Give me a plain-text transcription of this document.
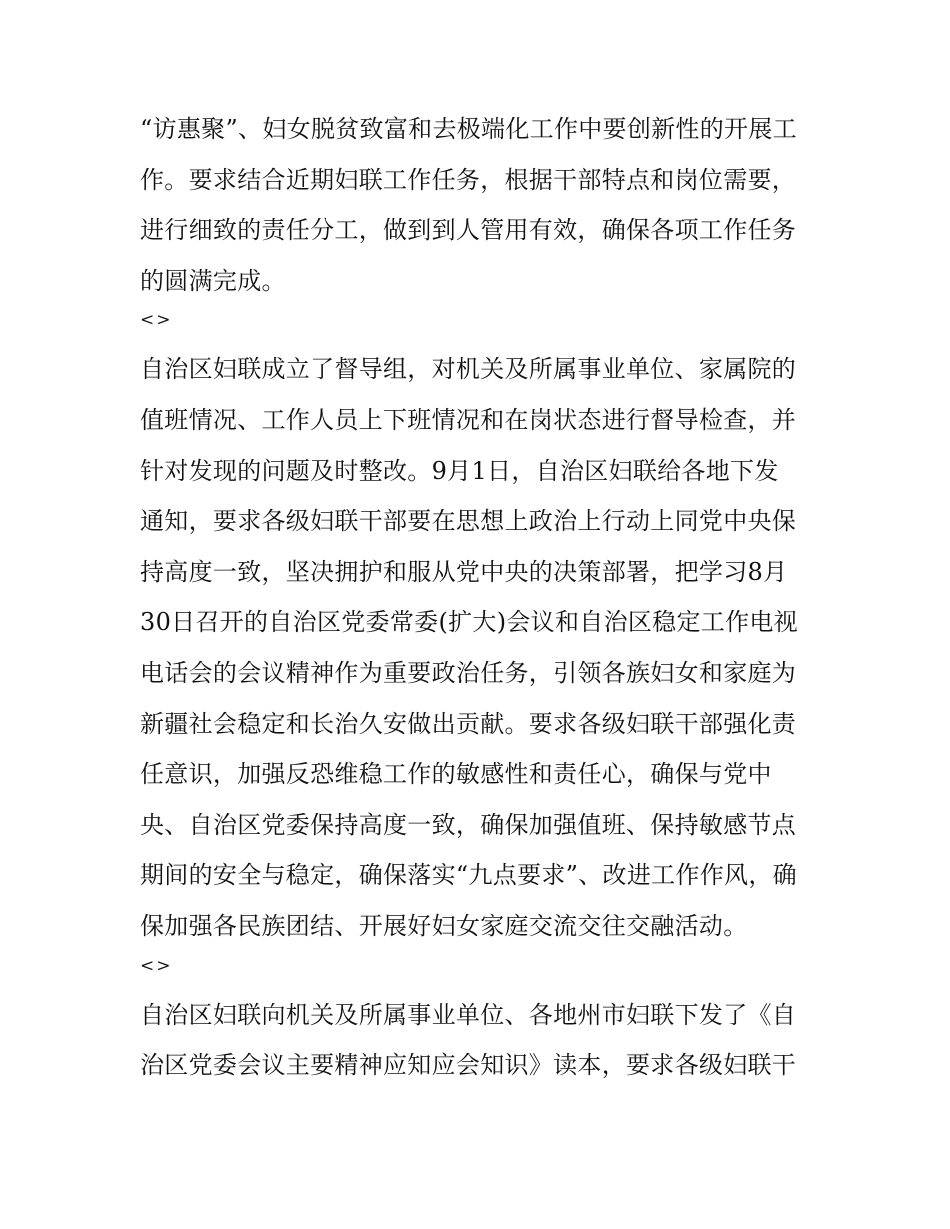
“访惠聚”、妇女脱贫致富和去极端化工作中要创新性的开展工
作。要求结合近期妇联工作任务，根据干部特点和岗位需要，
进行细致的责任分工，做到到人管用有效，确保各项工作任务
的圆满完成。
<>
自治区妇联成立了督导组，对机关及所属事业单位、家属院的
值班情况、工作人员上下班情况和在岗状态进行督导检查，并
针对发现的问题及时整改。9月1日，自治区妇联给各地下发
通知，要求各级妇联干部要在思想上政治上行动上同党中央保
持高度一致，坚决拥护和服从党中央的决策部署，把学习8月
30日召开的自治区党委常委(扩大)会议和自治区稳定工作电视
电话会的会议精神作为重要政治任务，引领各族妇女和家庭为
新疆社会稳定和长治久安做出贡献。要求各级妇联干部强化责
任意识，加强反恐维稳工作的敏感性和责任心，确保与党中
央、自治区党委保持高度一致，确保加强值班、保持敏感节点
期间的安全与稳定，确保落实“九点要求”、改进工作作风，确
保加强各民族团结、开展好妇女家庭交流交往交融活动。
<>
自治区妇联向机关及所属事业单位、各地州市妇联下发了《自
治区党委会议主要精神应知应会知识》读本，要求各级妇联干
